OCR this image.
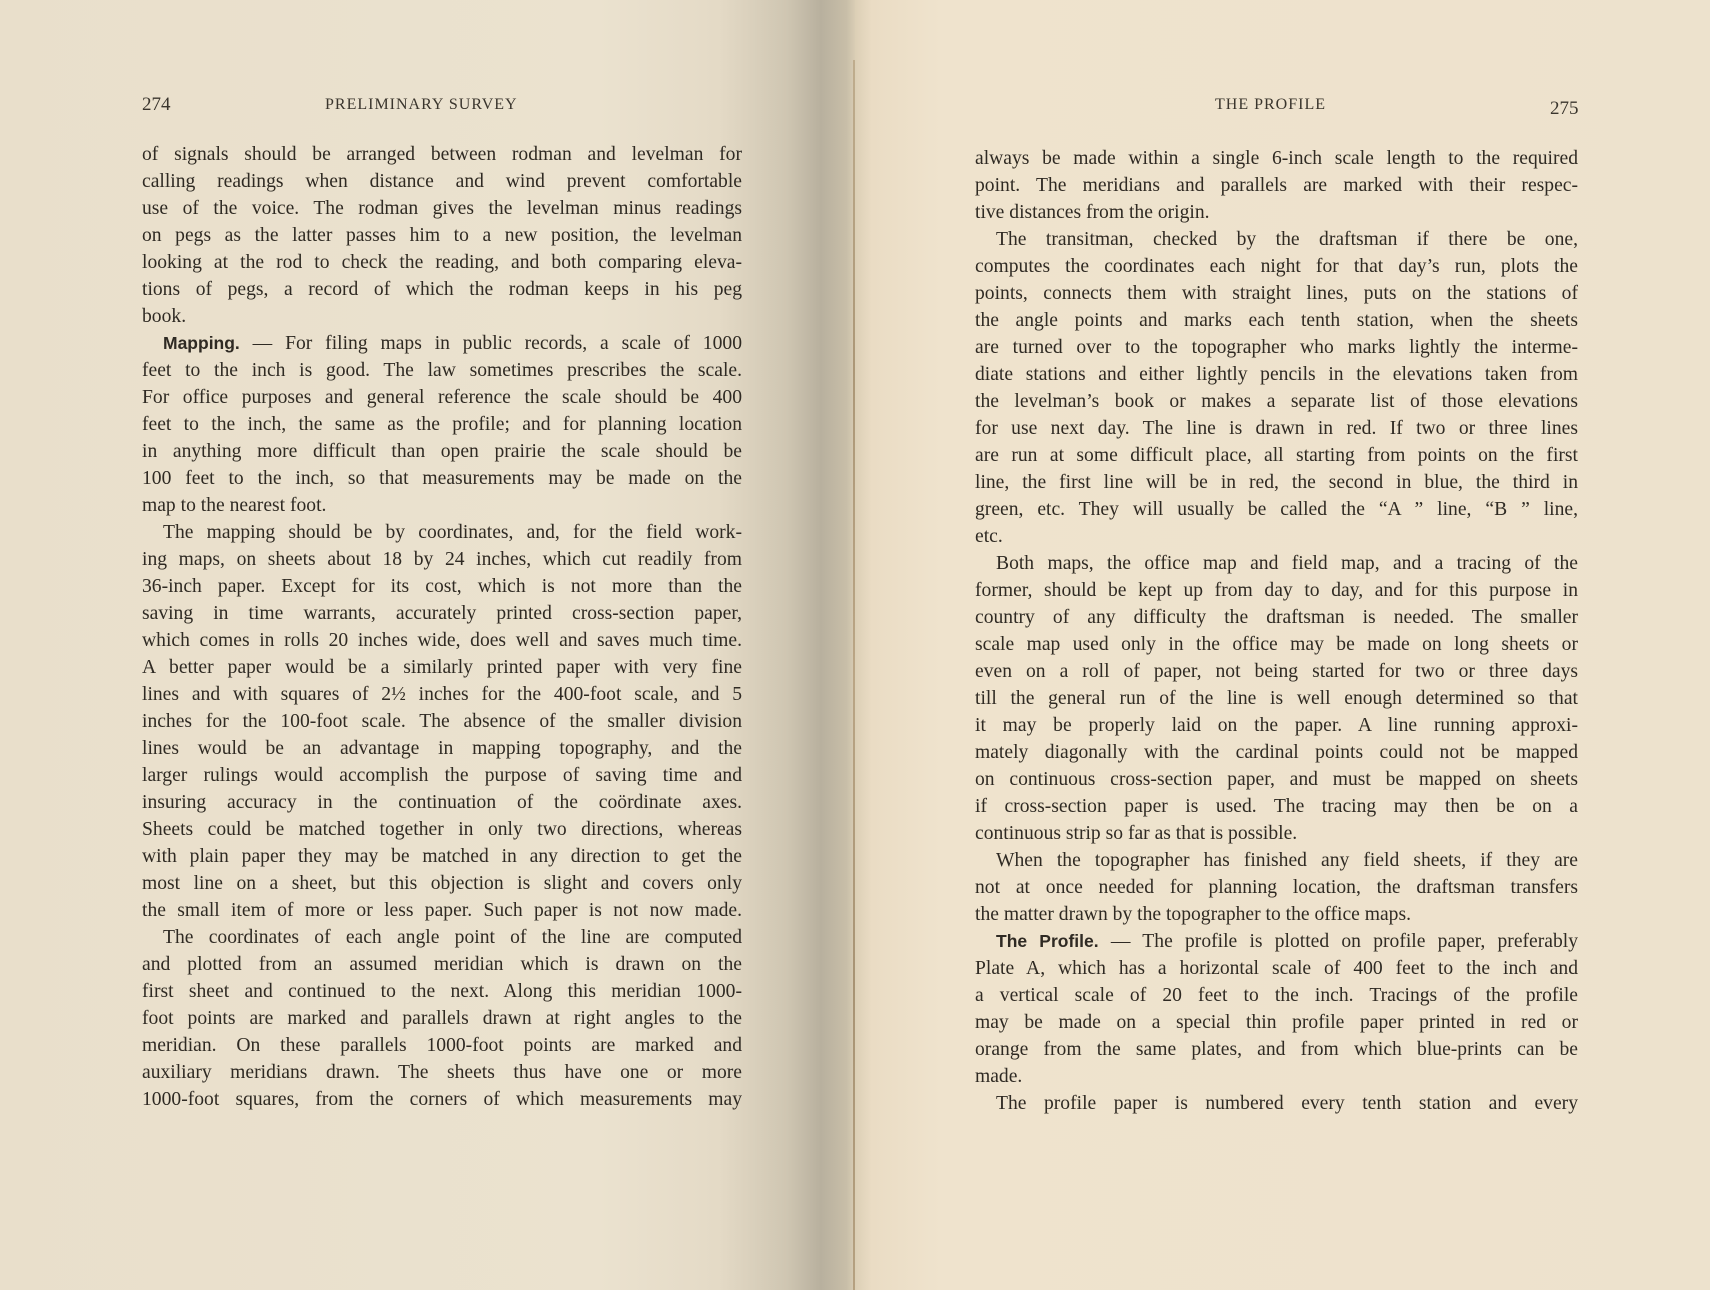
274	PRELIMINARY SURVEY
of signals should be arranged between rodman and levelman for
calling readings when distance and wind prevent comfortable
use of the voice. The rodman gives the levelman minus readings
on pegs as the latter passes him to a new position, the levelman
looking at the rod to check the reading, and both comparing eleva-
tions of pegs, a record of which the rodman keeps in his peg
book.
Mapping. — For filing maps in public records, a scale of 1000
feet to the inch is good. The law sometimes prescribes the scale.
For office purposes and general reference the scale should be 400
feet to the inch, the same as the profile; and for planning location
in anything more difficult than open prairie the scale should be
100 feet to the inch, so that measurements may be made on the
map to the nearest foot.
The mapping should be by coordinates, and, for the field work-
ing maps, on sheets about 18 by 24 inches, which cut readily from
36-inch paper. Except for its cost, which is not more than the
saving in time warrants, accurately printed cross-section paper,
which comes in rolls 20 inches wide, does well and saves much time.
A better paper would be a similarly printed paper with very fine
lines and with squares of 2½ inches for the 400-foot scale, and 5
inches for the 100-foot scale. The absence of the smaller division
lines would be an advantage in mapping topography, and the
larger rulings would accomplish the purpose of saving time and
insuring accuracy in the continuation of the coördinate axes.
Sheets could be matched together in only two directions, whereas
with plain paper they may be matched in any direction to get the
most line on a sheet, but this objection is slight and covers only
the small item of more or less paper. Such paper is not now made.
The coordinates of each angle point of the line are computed
and plotted from an assumed meridian which is drawn on the
first sheet and continued to the next. Along this meridian 1000-
foot points are marked and parallels drawn at right angles to the
meridian. On these parallels 1000-foot points are marked and
auxiliary meridians drawn. The sheets thus have one or more
1000-foot squares, from the corners of which measurements may
THE PROFILE	275
always be made within a single 6-inch scale length to the required
point. The meridians and parallels are marked with their respec-
tive distances from the origin.
The transitman, checked by the draftsman if there be one,
computes the coordinates each night for that day’s run, plots the
points, connects them with straight lines, puts on the stations of
the angle points and marks each tenth station, when the sheets
are turned over to the topographer who marks lightly the interme-
diate stations and either lightly pencils in the elevations taken from
the levelman’s book or makes a separate list of those elevations
for use next day. The line is drawn in red. If two or three lines
are run at some difficult place, all starting from points on the first
line, the first line will be in red, the second in blue, the third in
green, etc. They will usually be called the “A ” line, “B ” line,
etc.
Both maps, the office map and field map, and a tracing of the
former, should be kept up from day to day, and for this purpose in
country of any difficulty the draftsman is needed. The smaller
scale map used only in the office may be made on long sheets or
even on a roll of paper, not being started for two or three days
till the general run of the line is well enough determined so that
it may be properly laid on the paper. A line running approxi-
mately diagonally with the cardinal points could not be mapped
on continuous cross-section paper, and must be mapped on sheets
if cross-section paper is used. The tracing may then be on a
continuous strip so far as that is possible.
When the topographer has finished any field sheets, if they are
not at once needed for planning location, the draftsman transfers
the matter drawn by the topographer to the office maps.
The Profile. — The profile is plotted on profile paper, preferably
Plate A, which has a horizontal scale of 400 feet to the inch and
a vertical scale of 20 feet to the inch. Tracings of the profile
may be made on a special thin profile paper printed in red or
orange from the same plates, and from which blue-prints can be
made.
The profile paper is numbered every tenth station and every
